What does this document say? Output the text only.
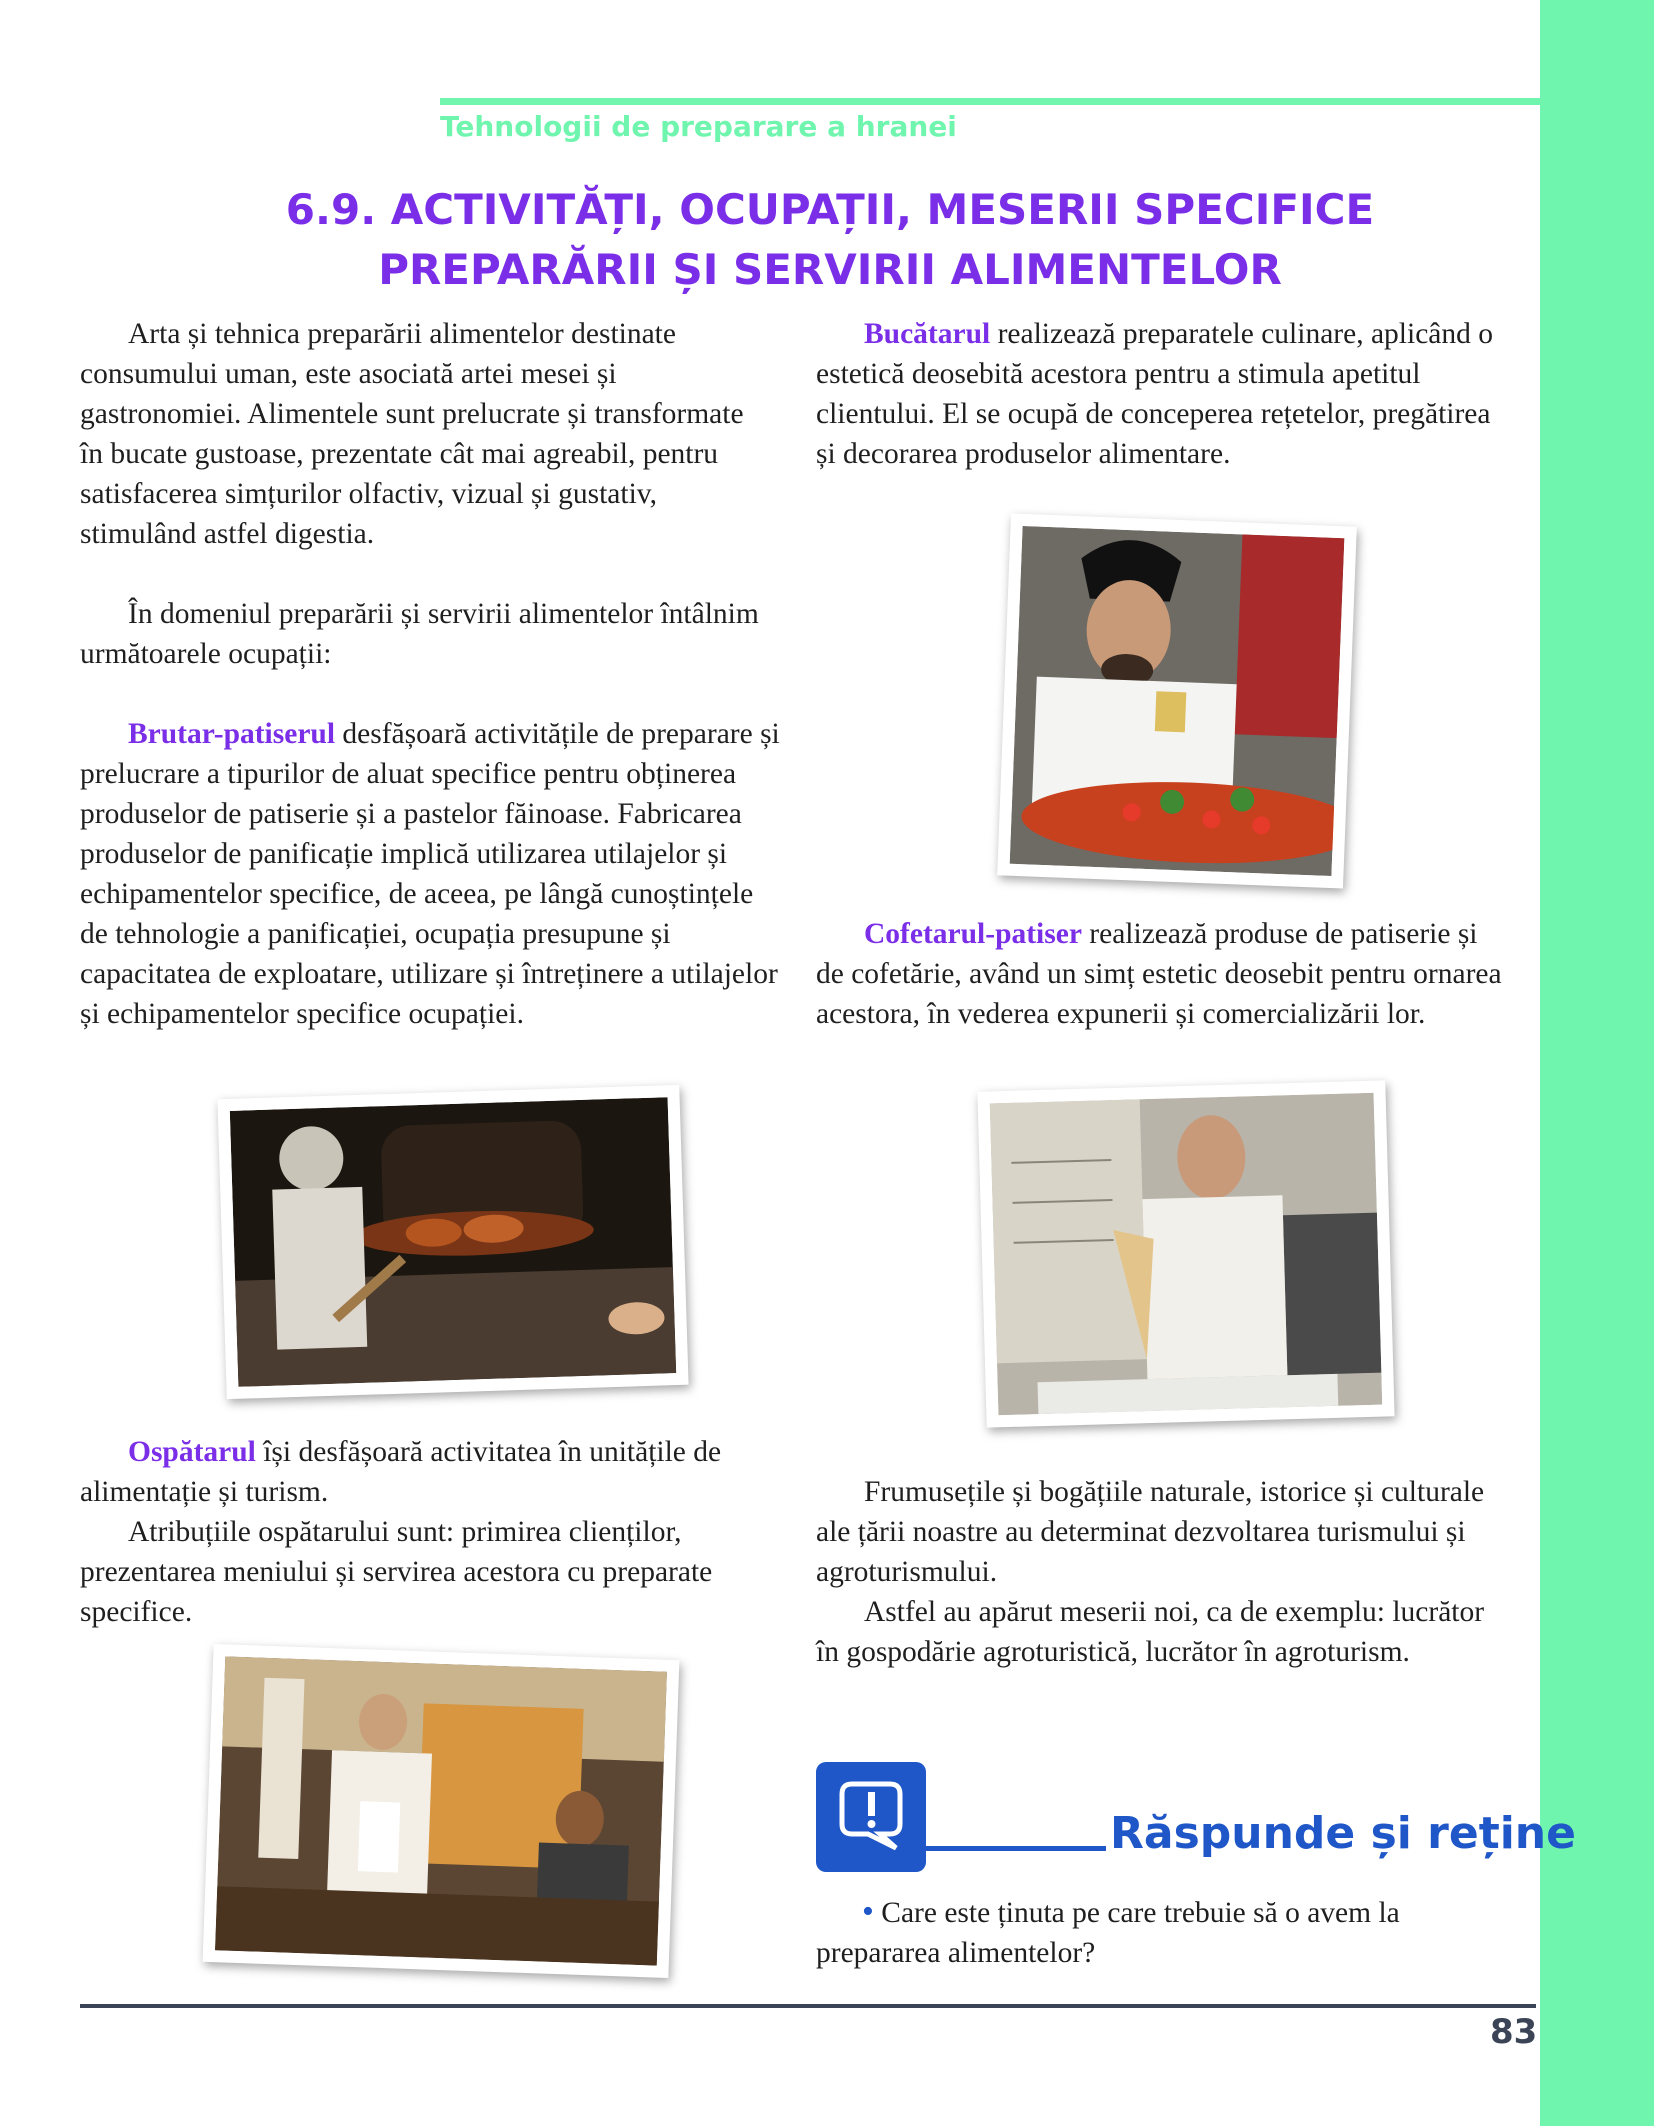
Tehnologii de preparare a hranei
6.9. ACTIVITĂȚI, OCUPAȚII, MESERII SPECIFICE
PREPARĂRII ȘI SERVIRII ALIMENTELOR

Arta și tehnica preparării alimentelor destinate consumului uman, este asociată artei mesei și gastronomiei. Alimentele sunt prelucrate și transformate în bucate gustoase, prezentate cât mai agreabil, pentru satisfacerea simțurilor olfactiv, vizual și gustativ, stimulând astfel digestia.

În domeniul preparării și servirii alimentelor întâlnim următoarele ocupații:

Brutar-patiserul desfășoară activitățile de preparare și prelucrare a tipurilor de aluat specifice pentru obținerea produselor de patiserie și a pastelor făinoase. Fabricarea produselor de panificație implică utilizarea utilajelor și echipamentelor specifice, de aceea, pe lângă cunoștințele de tehnologie a panificației, ocupația presupune și capacitatea de exploatare, utilizare și întreținere a utilajelor și echipamentelor specifice ocupației.

Ospătarul își desfășoară activitatea în unitățile de alimentație și turism.

Atribuțiile ospătarului sunt: primirea clienților, prezentarea meniului și servirea acestora cu preparate specifice.

Bucătarul realizează preparatele culinare, aplicând o estetică deosebită acestora pentru a stimula apetitul clientului. El se ocupă de conceperea rețetelor, pregătirea și decorarea produselor alimentare.

Cofetarul-patiser realizează produse de patiserie și de cofetărie, având un simț estetic deosebit pentru ornarea acestora, în vederea expunerii și comercializării lor.

Frumusețile și bogățiile naturale, istorice și culturale ale țării noastre au determinat dezvoltarea turismului și agroturismului.

Astfel au apărut meserii noi, ca de exemplu: lucrător în gospodărie agroturistică, lucrător în agroturism.

Răspunde și reține

• Care este ținuta pe care trebuie să o avem la prepararea alimentelor?

83
